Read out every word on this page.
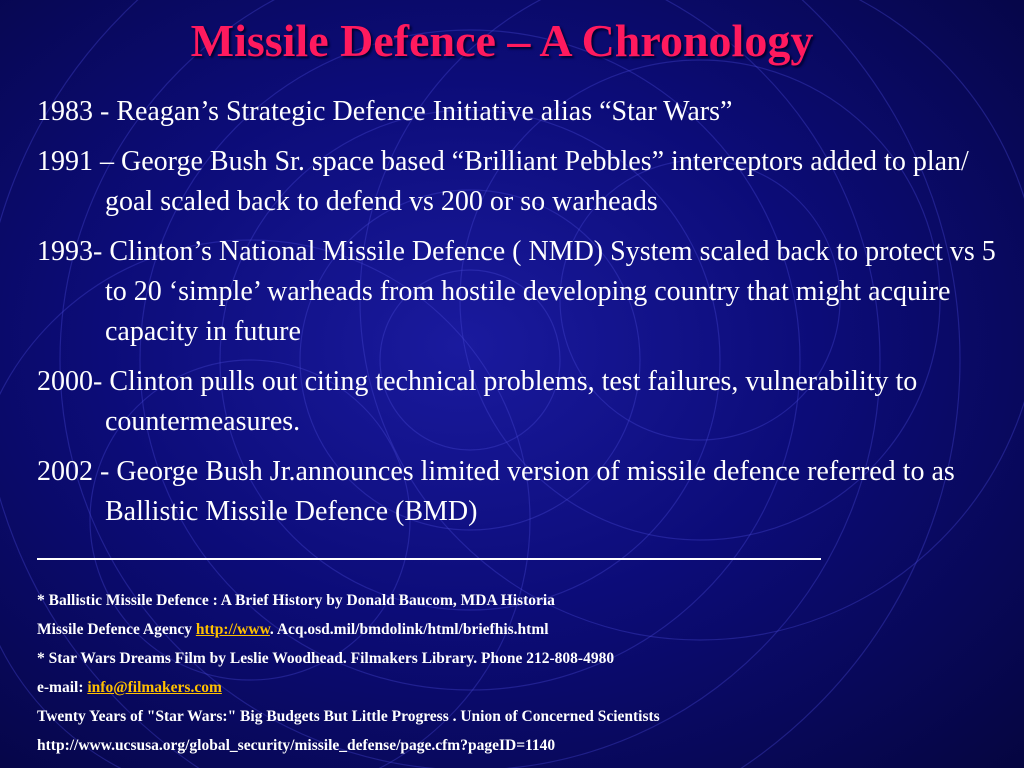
Missile Defence – A Chronology
1983 - Reagan’s Strategic Defence Initiative alias “Star Wars”
1991 – George Bush Sr. space based “Brilliant Pebbles” interceptors added to plan/ goal scaled back to defend vs 200 or so warheads
1993- Clinton’s National Missile Defence ( NMD) System scaled back to protect vs 5 to 20 ‘simple’ warheads from hostile developing country that might acquire capacity in future
2000- Clinton pulls out citing technical problems, test failures, vulnerability to countermeasures.
2002 - George Bush Jr.announces limited version of missile defence referred to as Ballistic Missile Defence (BMD)
* Ballistic Missile Defence : A Brief History by Donald Baucom, MDA Historia
Missile Defence Agency http://www. Acq.osd.mil/bmdolink/html/briefhis.html
* Star Wars Dreams Film by Leslie Woodhead. Filmakers Library. Phone 212-808-4980
e-mail: info@filmakers.com
Twenty Years of "Star Wars:" Big Budgets But Little Progress . Union of Concerned Scientists
http://www.ucsusa.org/global_security/missile_defense/page.cfm?pageID=1140
